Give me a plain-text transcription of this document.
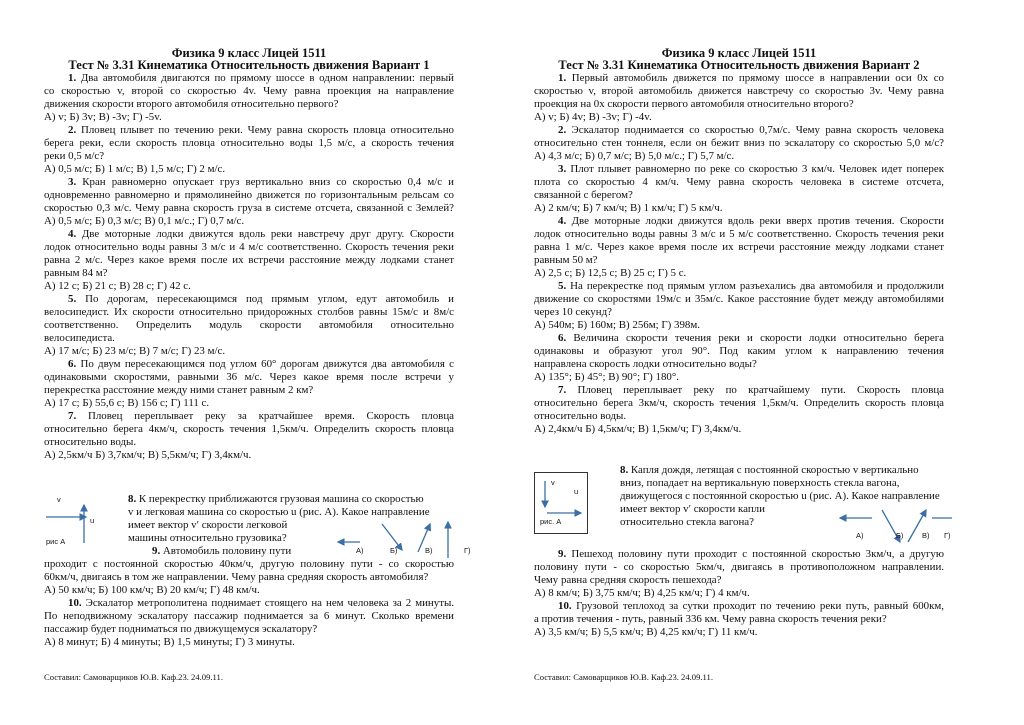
Физика 9 класс Лицей 1511
Тест № 3.31 Кинематика Относительность движения Вариант 1
1. Два автомобиля двигаются по прямому шоссе в одном направлении: первый
со скоростью v, второй со скоростью 4v. Чему равна проекция на направление
движения скорости второго автомобиля относительно первого?
А) v; Б) 3v; В) -3v; Г) -5v.
2. Пловец плывет по течению реки. Чему равна скорость пловца относительно
берега реки, если скорость пловца относительно воды 1,5 м/с, а скорость течения
реки 0,5 м/с?
А) 0,5 м/с; Б) 1 м/с; В) 1,5 м/с; Г) 2 м/с.
3. Кран равномерно опускает груз вертикально вниз со скоростью 0,4 м/с и
одновременно равномерно и прямолинейно движется по горизонтальным рельсам со
скоростью 0,3 м/с. Чему равна скорость груза в системе отсчета, связанной с Землей?
А) 0,5 м/с; Б) 0,3 м/с; В) 0,1 м/с.; Г) 0,7 м/с.
4. Две моторные лодки движутся вдоль реки навстречу друг другу. Скорости
лодок относительно воды равны 3 м/с и 4 м/с соответственно. Скорость течения реки
равна 2 м/с. Через какое время после их встречи расстояние между лодками станет
равным 84 м?
А) 12 с; Б) 21 с; В) 28 с; Г) 42 с.
5. По дорогам, пересекающимся под прямым углом, едут автомобиль и
велосипедист. Их скорости относительно придорожных столбов равны 15м/с и 8м/с
соответственно. Определить модуль скорости автомобиля относительно
велосипедиста.
А) 17 м/с; Б) 23 м/с; В) 7 м/с; Г) 23 м/с.
6. По двум пересекающимся под углом 60° дорогам движутся два автомобиля с
одинаковыми скоростями, равными 36 м/с. Через какое время после встречи у
перекрестка расстояние между ними станет равным 2 км?
А) 17 с; Б) 55,6 с; В) 156 с; Г) 111 с.
7. Пловец переплывает реку за кратчайшее время. Скорость пловца
относительно берега 4км/ч, скорость течения 1,5км/ч. Определить скорость пловца
относительно воды.
А) 2,5км/ч Б) 3,7км/ч; В) 5,5км/ч; Г) 3,4км/ч.
8. К перекрестку приближаются грузовая машина со скоростью
v и легковая машина со скоростью u (рис. А). Какое направление
имеет вектор v′ скорости легковой
машины относительно грузовика?
9. Автомобиль половину пути
проходит с постоянной скоростью 40км/ч, другую половину пути - со скоростью
60км/ч, двигаясь в том же направлении. Чему равна средняя скорость автомобиля?
А) 50 км/ч; Б) 100 км/ч; В) 20 км/ч; Г) 48 км/ч.
10. Эскалатор метрополитена поднимает стоящего на нем человека за 2 минуты.
По неподвижному эскалатору пассажир поднимается за 6 минут. Сколько времени
пассажир будет подниматься по движущемуся эскалатору?
А) 8 минут; Б) 4 минуты; В) 1,5 минуты; Г) 3 минуты.
v
u
рис А
А)	Б)	В)	Г)
Составил: Самоварщиков Ю.В. Каф.23. 24.09.11.
Физика 9 класс Лицей 1511
Тест № 3.31 Кинематика Относительность движения Вариант 2
1. Первый автомобиль движется по прямому шоссе в направлении оси 0х со
скоростью v, второй автомобиль движется навстречу со скоростью 3v. Чему равна
проекция на 0х скорости первого автомобиля относительно второго?
А) v; Б) 4v; В) -3v; Г) -4v.
2. Эскалатор поднимается со скоростью 0,7м/с. Чему равна скорость человека
относительно стен тоннеля, если он бежит вниз по эскалатору со скоростью 5,0 м/с?
А) 4,3 м/с; Б) 0,7 м/с; В) 5,0 м/с.; Г) 5,7 м/с.
3. Плот плывет равномерно по реке со скоростью 3 км/ч. Человек идет поперек
плота со скоростью 4 км/ч. Чему равна скорость человека в системе отсчета,
связанной с берегом?
А) 2 км/ч; Б) 7 км/ч; В) 1 км/ч; Г) 5 км/ч.
4. Две моторные лодки движутся вдоль реки вверх против течения. Скорости
лодок относительно воды равны 3 м/с и 5 м/с соответственно. Скорость течения реки
равна 1 м/с. Через какое время после их встречи расстояние между лодками станет
равным 50 м?
А) 2,5 с; Б) 12,5 с; В) 25 с; Г) 5 с.
5. На перекрестке под прямым углом разъехались два автомобиля и продолжили
движение со скоростями 19м/с и 35м/с. Какое расстояние будет между автомобилями
через 10 секунд?
А) 540м; Б) 160м; В) 256м; Г) 398м.
6. Величина скорости течения реки и скорости лодки относительно берега
одинаковы и образуют угол 90°. Под каким углом к направлению течения
направлена скорость лодки относительно воды?
А) 135°; Б) 45°; В) 90°; Г) 180°.
7. Пловец переплывает реку по кратчайшему пути. Скорость пловца
относительно берега 3км/ч, скорость течения 1,5км/ч. Определить скорость пловца
относительно воды.
А) 2,4км/ч Б) 4,5км/ч; В) 1,5км/ч; Г) 3,4км/ч.
8. Капля дождя, летящая с постоянной скоростью v вертикально
вниз, попадает на вертикальную поверхность стекла вагона,
движущегося с постоянной скоростью u (рис. А). Какое направление
имеет вектор v′ скорости капли
относительно стекла вагона?
9. Пешеход половину пути проходит с постоянной скоростью 3км/ч, а другую
половину пути - со скоростью 5км/ч, двигаясь в противоположном направлении.
Чему равна средняя скорость пешехода?
А) 8 км/ч; Б) 3,75 км/ч; В) 4,25 км/ч; Г) 4 км/ч.
10. Грузовой теплоход за сутки проходит по течению реки путь, равный 600км,
а против течения - путь, равный 336 км. Чему равна скорость течения реки?
А) 3,5 км/ч; Б) 5,5 км/ч; В) 4,25 км/ч; Г) 11 км/ч.
v
u
рис. А
А)	Б) В) Г)
Составил: Самоварщиков Ю.В. Каф.23. 24.09.11.
